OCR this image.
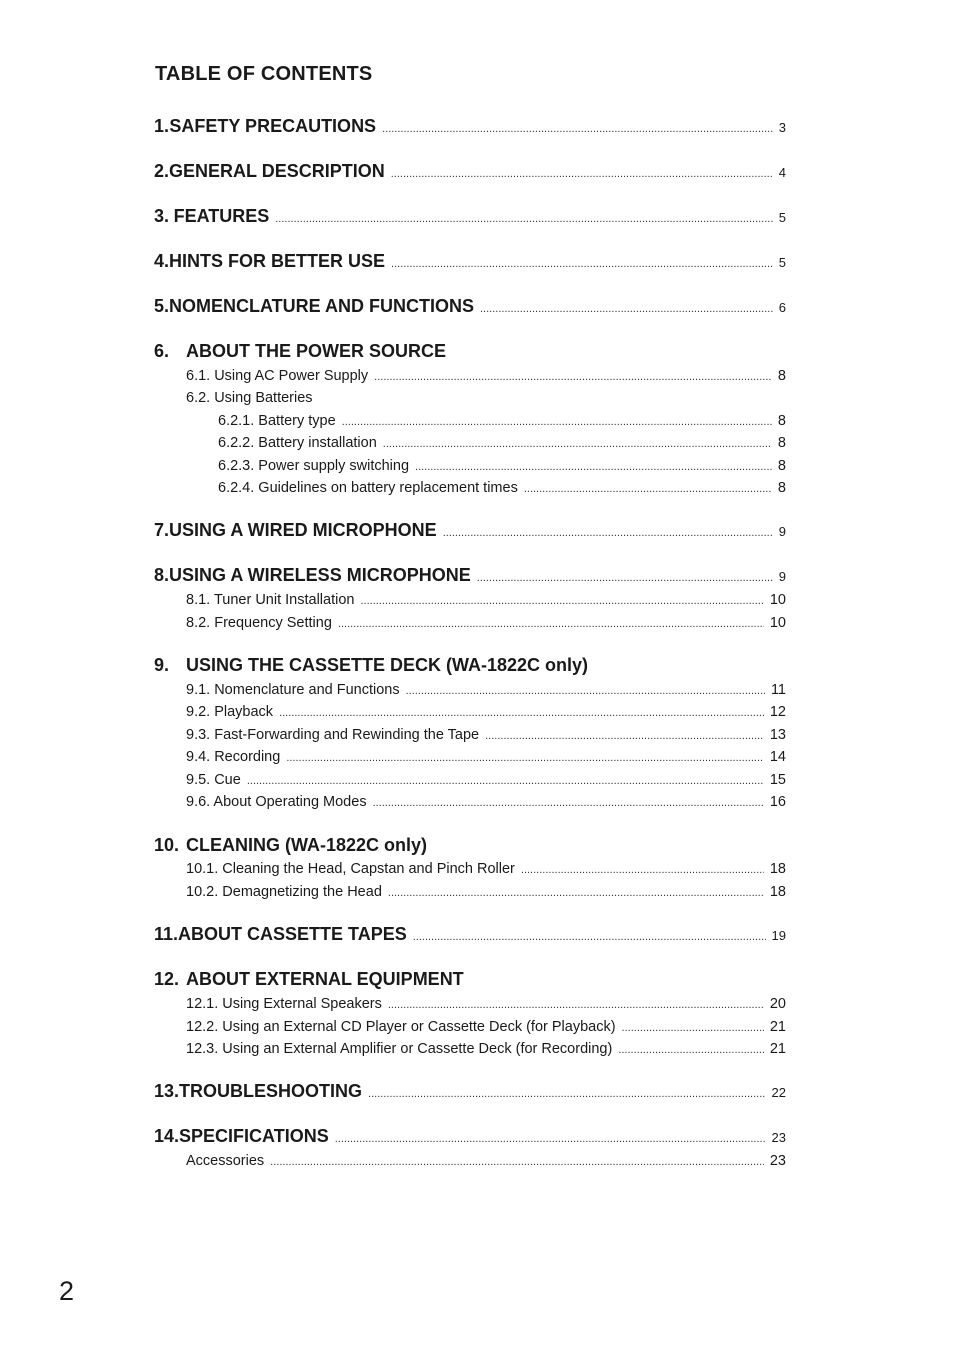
TABLE OF CONTENTS
1. SAFETY PRECAUTIONS .....	3
2. GENERAL DESCRIPTION .....	4
3. FEATURES .....	5
4. HINTS FOR BETTER USE .....	5
5. NOMENCLATURE AND FUNCTIONS .....	6
6. ABOUT THE POWER SOURCE
6.1. Using AC Power Supply .....	8
6.2. Using Batteries
6.2.1. Battery type .....	8
6.2.2. Battery installation .....	8
6.2.3. Power supply switching .....	8
6.2.4. Guidelines on battery replacement times .....	8
7. USING A WIRED MICROPHONE .....	9
8. USING A WIRELESS MICROPHONE .....	9
8.1. Tuner Unit Installation .....	10
8.2. Frequency Setting .....	10
9. USING THE CASSETTE DECK (WA-1822C only)
9.1. Nomenclature and Functions .....	11
9.2. Playback .....	12
9.3. Fast-Forwarding and Rewinding the Tape .....	13
9.4. Recording .....	14
9.5. Cue .....	15
9.6. About Operating Modes .....	16
10. CLEANING (WA-1822C only)
10.1. Cleaning the Head, Capstan and Pinch Roller .....	18
10.2. Demagnetizing the Head .....	18
11. ABOUT CASSETTE TAPES .....	19
12. ABOUT EXTERNAL EQUIPMENT
12.1. Using External Speakers .....	20
12.2. Using an External CD Player or Cassette Deck (for Playback) .....	21
12.3. Using an External Amplifier or Cassette Deck (for Recording) .....	21
13. TROUBLESHOOTING .....	22
14. SPECIFICATIONS .....	23
Accessories .....	23
2
